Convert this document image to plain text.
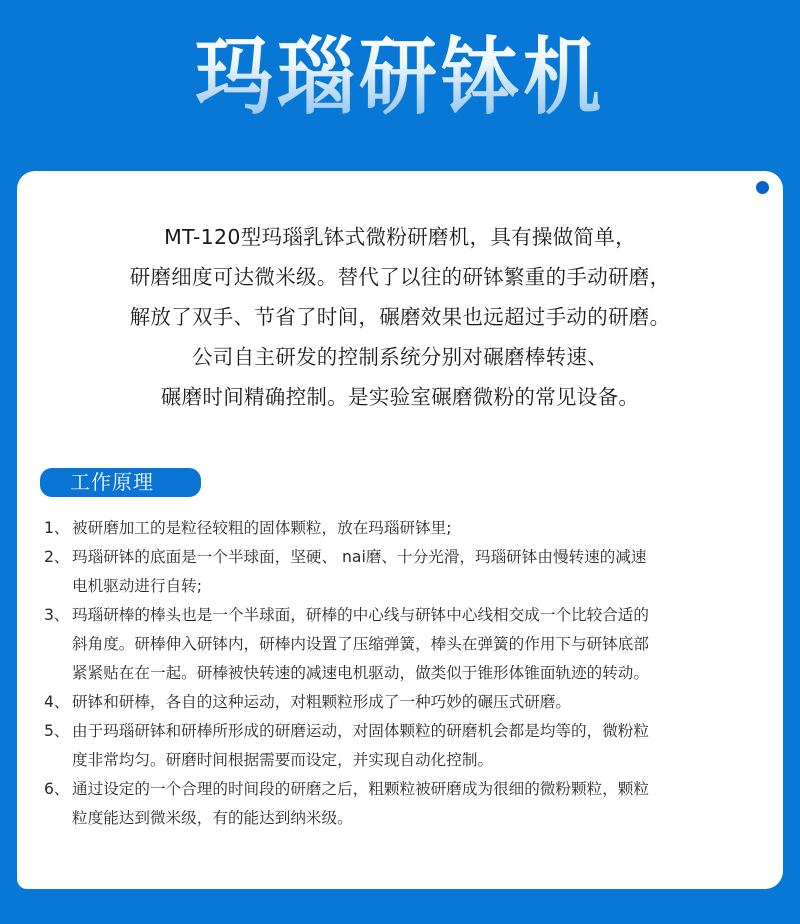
玛瑙研钵机
MT-120型玛瑙乳钵式微粉研磨机，具有操做简单，
研磨细度可达微米级。替代了以往的研钵繁重的手动研磨，
解放了双手、节省了时间，碾磨效果也远超过手动的研磨。
公司自主研发的控制系统分别对碾磨棒转速、
碾磨时间精确控制。是实验室碾磨微粉的常见设备。
工作原理
1、 被研磨加工的是粒径较粗的固体颗粒，放在玛瑙研钵里;
2、 玛瑙研钵的底面是一个半球面，坚硬、 nai磨、十分光滑，玛瑙研钵由慢转速的减速
电机驱动进行自转;
3、 玛瑙研棒的棒头也是一个半球面，研棒的中心线与研钵中心线相交成一个比较合适的
斜角度。研棒伸入研钵内，研棒内设置了压缩弹簧，棒头在弹簧的作用下与研钵底部
紧紧贴在在一起。研棒被快转速的减速电机驱动，做类似于锥形体锥面轨迹的转动。
4、 研钵和研棒，各自的这种运动，对粗颗粒形成了一种巧妙的碾压式研磨。
5、 由于玛瑙研钵和研棒所形成的研磨运动，对固体颗粒的研磨机会都是均等的，微粉粒
度非常均匀。研磨时间根据需要而设定，并实现自动化控制。
6、 通过设定的一个合理的时间段的研磨之后，粗颗粒被研磨成为很细的微粉颗粒，颗粒
粒度能达到微米级，有的能达到纳米级。
